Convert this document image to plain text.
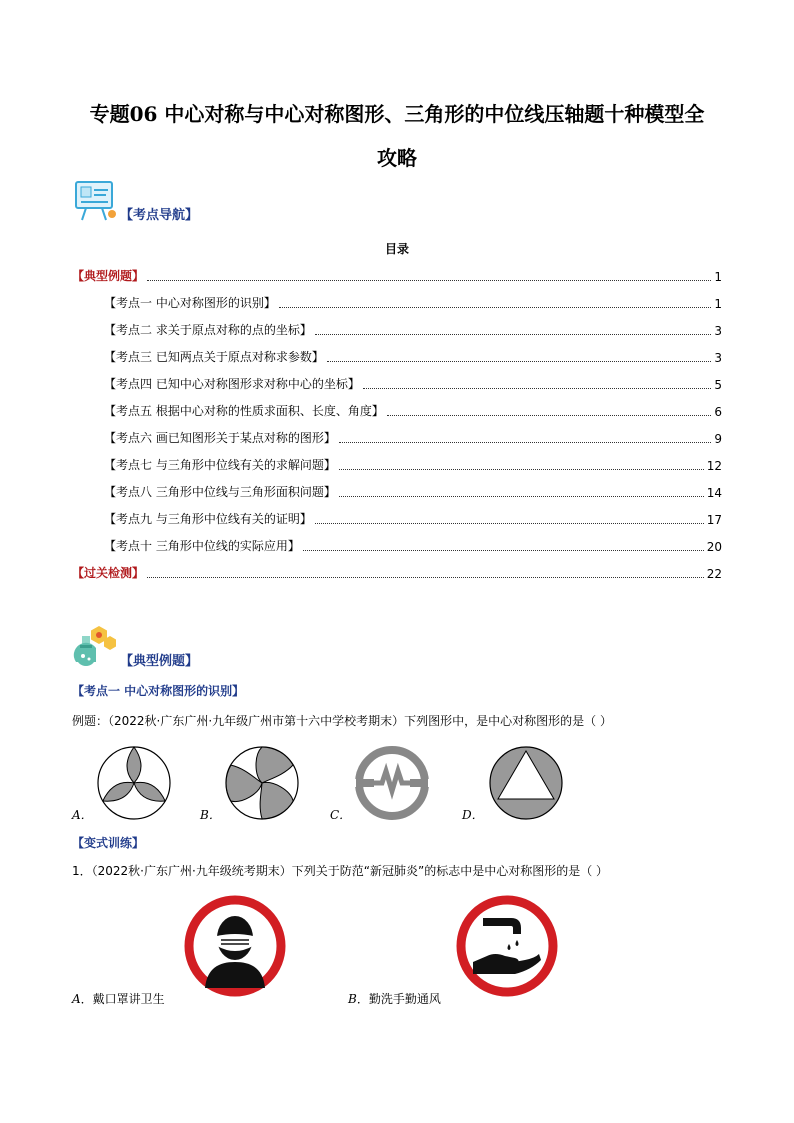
专题06 中心对称与中心对称图形、三角形的中位线压轴题十种模型全
攻略
【考点导航】
目录
【典型例题】	1
【考点一 中心对称图形的识别】	1
【考点二 求关于原点对称的点的坐标】	3
【考点三 已知两点关于原点对称求参数】	3
【考点四 已知中心对称图形求对称中心的坐标】	5
【考点五 根据中心对称的性质求面积、长度、角度】	6
【考点六 画已知图形关于某点对称的图形】	9
【考点七 与三角形中位线有关的求解问题】	12
【考点八 三角形中位线与三角形面积问题】	14
【考点九 与三角形中位线有关的证明】	17
【考点十 三角形中位线的实际应用】	20
【过关检测】	22
【典型例题】
【考点一 中心对称图形的识别】
例题：（2022秋·广东广州·九年级广州市第十六中学校考期末）下列图形中，是中心对称图形的是（ ）
A．	B．	C．	D．
【变式训练】
1．（2022秋·广东广州·九年级统考期末）下列关于防范“新冠肺炎”的标志中是中心对称图形的是（ ）
A．戴口罩讲卫生	B．勤洗手勤通风
